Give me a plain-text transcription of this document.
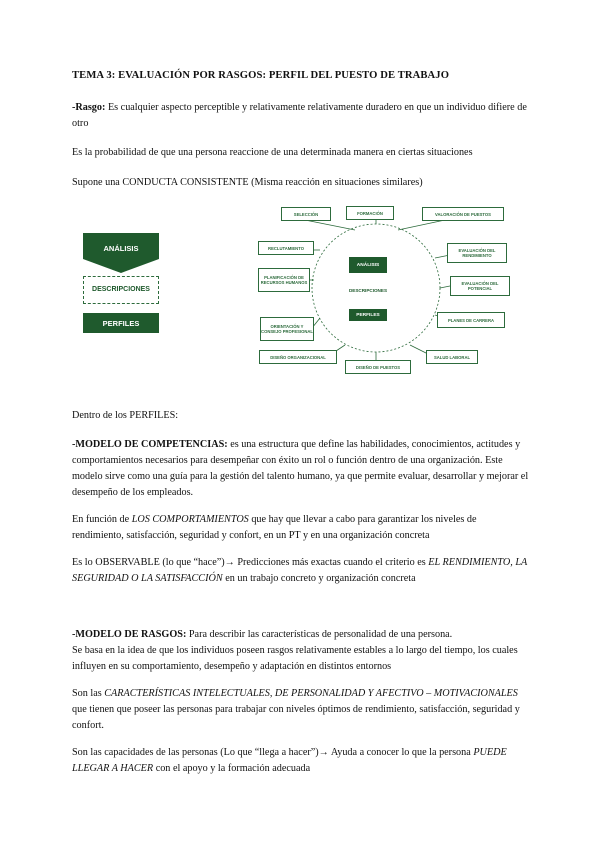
TEMA 3: EVALUACIÓN POR RASGOS: PERFIL DEL PUESTO DE TRABAJO

-Rasgo: Es cualquier aspecto perceptible y relativamente relativamente duradero en que un individuo difiere de otro

Es la probabilidad de que una persona reaccione de una determinada manera en ciertas situaciones

Supone una CONDUCTA CONSISTENTE (Misma reacción en situaciones similares)

ANÁLISIS
DESCRIPCIONES
PERFILES
ANÁLISIS
DESCRIPCIONES
PERFILES
SELECCIÓN	FORMACIÓN	VALORACIÓN DE PUESTOS
RECLUTAMIENTO	EVALUACIÓN DEL RENDIMIENTO
PLANIFICACIÓN DE RECURSOS HUMANOS	EVALUACIÓN DEL POTENCIAL
PLANES DE CARRERA
ORIENTACIÓN Y CONSEJO PROFESIONAL
DISEÑO ORGANIZACIONAL	SALUD LABORAL
DISEÑO DE PUESTOS

Dentro de los PERFILES:

-MODELO DE COMPETENCIAS: es una estructura que define las habilidades, conocimientos, actitudes y comportamientos necesarios para desempeñar con éxito un rol o función dentro de una organización. Este modelo sirve como una guía para la gestión del talento humano, ya que permite evaluar, desarrollar y mejorar el desempeño de los empleados.

En función de LOS COMPORTAMIENTOS que hay que llevar a cabo para garantizar los niveles de rendimiento, satisfacción, seguridad y confort, en un PT y en una organización concreta

Es lo OBSERVABLE (lo que “hace”)→ Predicciones más exactas cuando el criterio es EL RENDIMIENTO, LA SEGURIDAD O LA SATISFACCIÓN en un trabajo concreto y organización concreta

-MODELO DE RASGOS: Para describir las características de personalidad de una persona.
Se basa en la idea de que los individuos poseen rasgos relativamente estables a lo largo del tiempo, los cuales influyen en su comportamiento, desempeño y adaptación en distintos entornos

Son las CARACTERÍSTICAS INTELECTUALES, DE PERSONALIDAD Y AFECTIVO – MOTIVACIONALES que tienen que poseer las personas para trabajar con niveles óptimos de rendimiento, satisfacción, seguridad y confort.

Son las capacidades de las personas (Lo que “llega a hacer”)→ Ayuda a conocer lo que la persona PUEDE LLEGAR A HACER con el apoyo y la formación adecuada
